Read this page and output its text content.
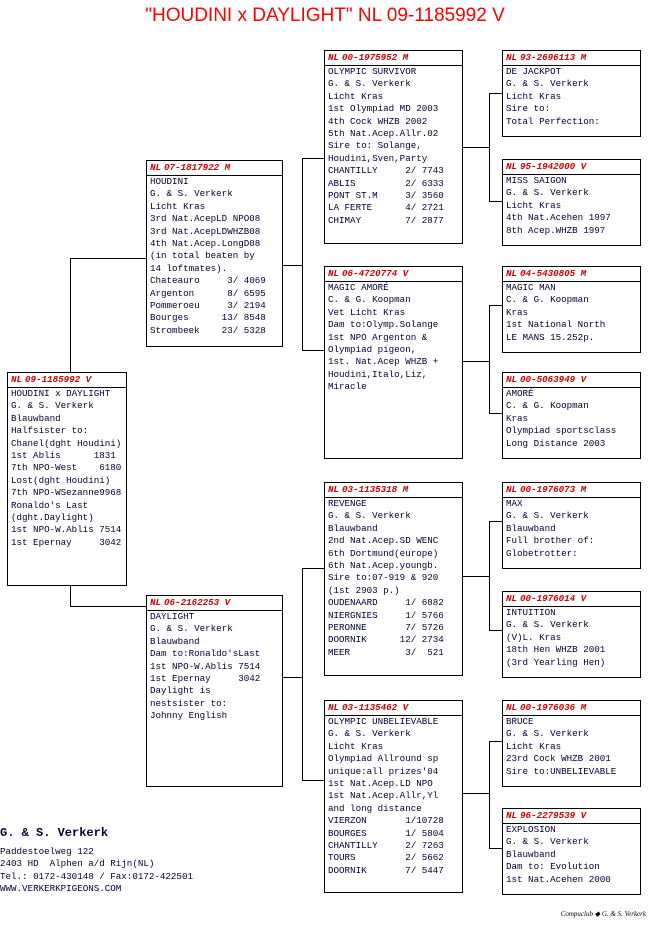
"HOUDINI x DAYLIGHT" NL 09-1185992 V
NL 09-1185992 V
HOUDINI x DAYLIGHT
G. & S. Verkerk
Blauwband
Halfsister to:
Chanel(dght Houdini)
1st Ablis      1831
7th NPO-West    6180
Lost(dght Houdini)
7th NPO-WSezanne9968
Ronaldo's Last
(dght.Daylight)
1st NPO-W.Ablis 7514
1st Epernay     3042
NL 07-1817922 M
HOUDINI
G. & S. Verkerk
Licht Kras
3rd Nat.AcepLD NPO08
3rd Nat.AcepLDWHZB08
4th Nat.Acep.LongD08
(in total beaten by
14 loftmates).
Chateauro     3/ 4069
Argenton      8/ 6595
Pommeroeu     3/ 2194
Bourges      13/ 8548
Strombeek    23/ 5328
NL 06-2162253 V
DAYLIGHT
G. & S. Verkerk
Blauwband
Dam to:Ronaldo'sLast
1st NPO-W.Ablis 7514
1st Epernay     3042
Daylight is
nestsister to:
Johnny English
NL 00-1975952 M
OLYMPIC SURVIVOR
G. & S. Verkerk
Licht Kras
1st Olympiad MD 2003
4th Cock WHZB 2002
5th Nat.Acep.Allr.02
Sire to: Solange,
Houdini,Sven,Party
CHANTILLY     2/ 7743
ABLIS         2/ 6333
PONT ST.M     3/ 3560
LA FERTE      4/ 2721
CHIMAY        7/ 2877
NL 06-4720774 V
MAGIC AMORÉ
C. & G. Koopman
Vet Licht Kras
Dam to:Olymp.Solange
1st NPO Argenton &
Olympiad pigeon,
1st. Nat.Acep WHZB +
Houdini,Italo,Liz,
Miracle
NL 03-1135318 M
REVENGE
G. & S. Verkerk
Blauwband
2nd Nat.Acep.SD WENC
6th Dortmund(europe)
6th Nat.Acep.youngb.
Sire to:07-919 & 920
(1st 2903 p.)
OUDENAARD     1/ 6882
NIERGNIES     1/ 5766
PERONNE       7/ 5726
DOORNIK      12/ 2734
MEER          3/  521
NL 03-1135462 V
OLYMPIC UNBELIEVABLE
G. & S. Verkerk
Licht Kras
Olympiad Allround sp
unique:all prizes'04
1st Nat.Acep.LD NPO
1st Nat.Acep.Allr,Yl
and long distance
VIERZON       1/10728
BOURGES       1/ 5804
CHANTILLY     2/ 7263
TOURS         2/ 5662
DOORNIK       7/ 5447
NL 93-2696113 M
DE JACKPOT
G. & S. Verkerk
Licht Kras
Sire to:
Total Perfection:
NL 95-1942000 V
MISS SAIGON
G. & S. Verkerk
Licht Kras
4th Nat.Acehen 1997
8th Acep.WHZB 1997
NL 04-5430805 M
MAGIC MAN
C. & G. Koopman
Kras
1st National North
LE MANS 15.252p.
NL 00-5063949 V
AMORÉ
C. & G. Koopman
Kras
Olympiad sportsclass
Long Distance 2003
NL 00-1976073 M
MAX
G. & S. Verkerk
Blauwband
Full brother of:
Globetrotter:
NL 00-1976014 V
INTUITION
G. & S. Verkerk
(V)L. Kras
18th Hen WHZB 2001
(3rd Yearling Hen)
NL 00-1976036 M
BRUCE
G. & S. Verkerk
Licht Kras
23rd Cock WHZB 2001
Sire to:UNBELIEVABLE
NL 96-2279539 V
EXPLOSION
G. & S. Verkerk
Blauwband
Dam to: Evolution
1st Nat.Acehen 2000
G. & S. Verkerk
Paddestoelweg 122
2403 HD  Alphen a/d Rijn(NL)
Tel.: 0172-430148 / Fax:0172-422501
WWW.VERKERKPIGEONS.COM
Compuclub ◆ G. & S. Verkerk
